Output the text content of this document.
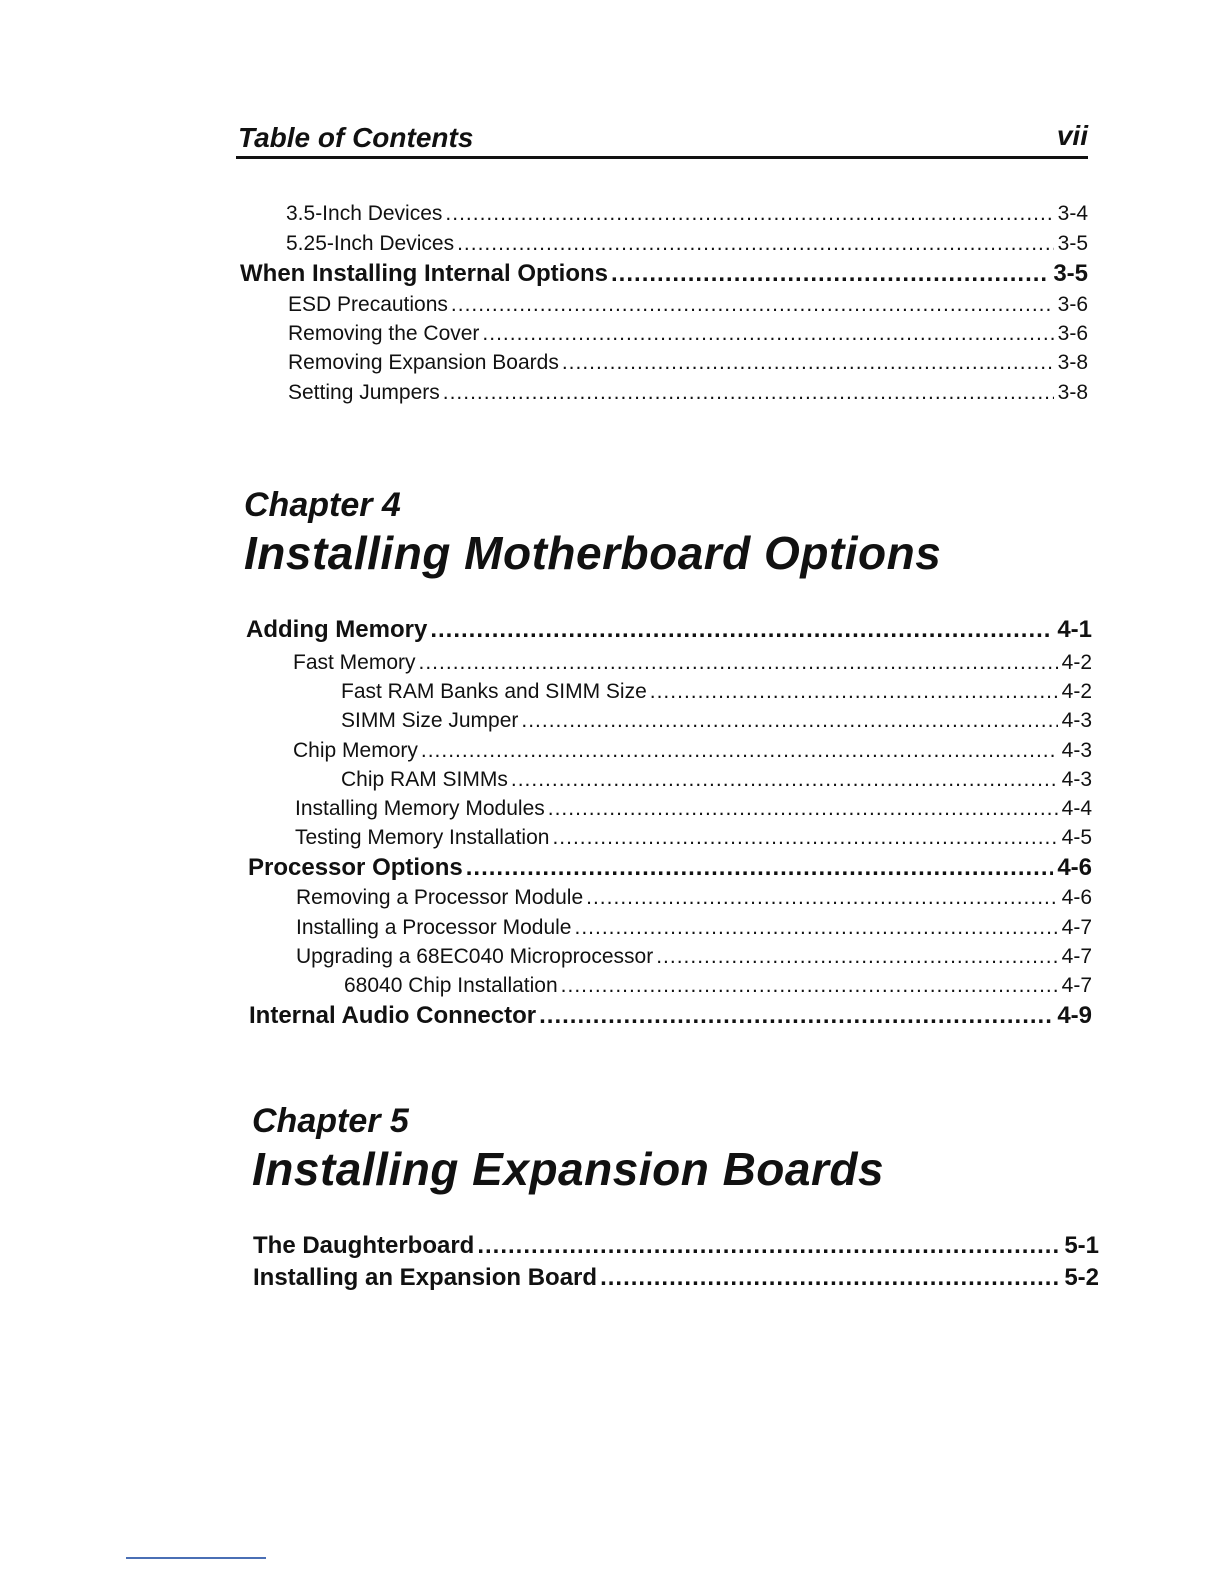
Table of Contents	vii
3.5-Inch Devices .....	3-4
5.25-Inch Devices .....	3-5
When Installing Internal Options .....	3-5
ESD Precautions .....	3-6
Removing the Cover .....	3-6
Removing Expansion Boards .....	3-8
Setting Jumpers .....	3-8
Chapter 4
Installing Motherboard Options
Adding Memory .....	4-1
Fast Memory .....	4-2
Fast RAM Banks and SIMM Size .....	4-2
SIMM Size Jumper .....	4-3
Chip Memory .....	4-3
Chip RAM SIMMs .....	4-3
Installing Memory Modules .....	4-4
Testing Memory Installation .....	4-5
Processor Options .....	4-6
Removing a Processor Module .....	4-6
Installing a Processor Module .....	4-7
Upgrading a 68EC040 Microprocessor .....	4-7
68040 Chip Installation .....	4-7
Internal Audio Connector .....	4-9
Chapter 5
Installing Expansion Boards
The Daughterboard .....	5-1
Installing an Expansion Board .....	5-2
